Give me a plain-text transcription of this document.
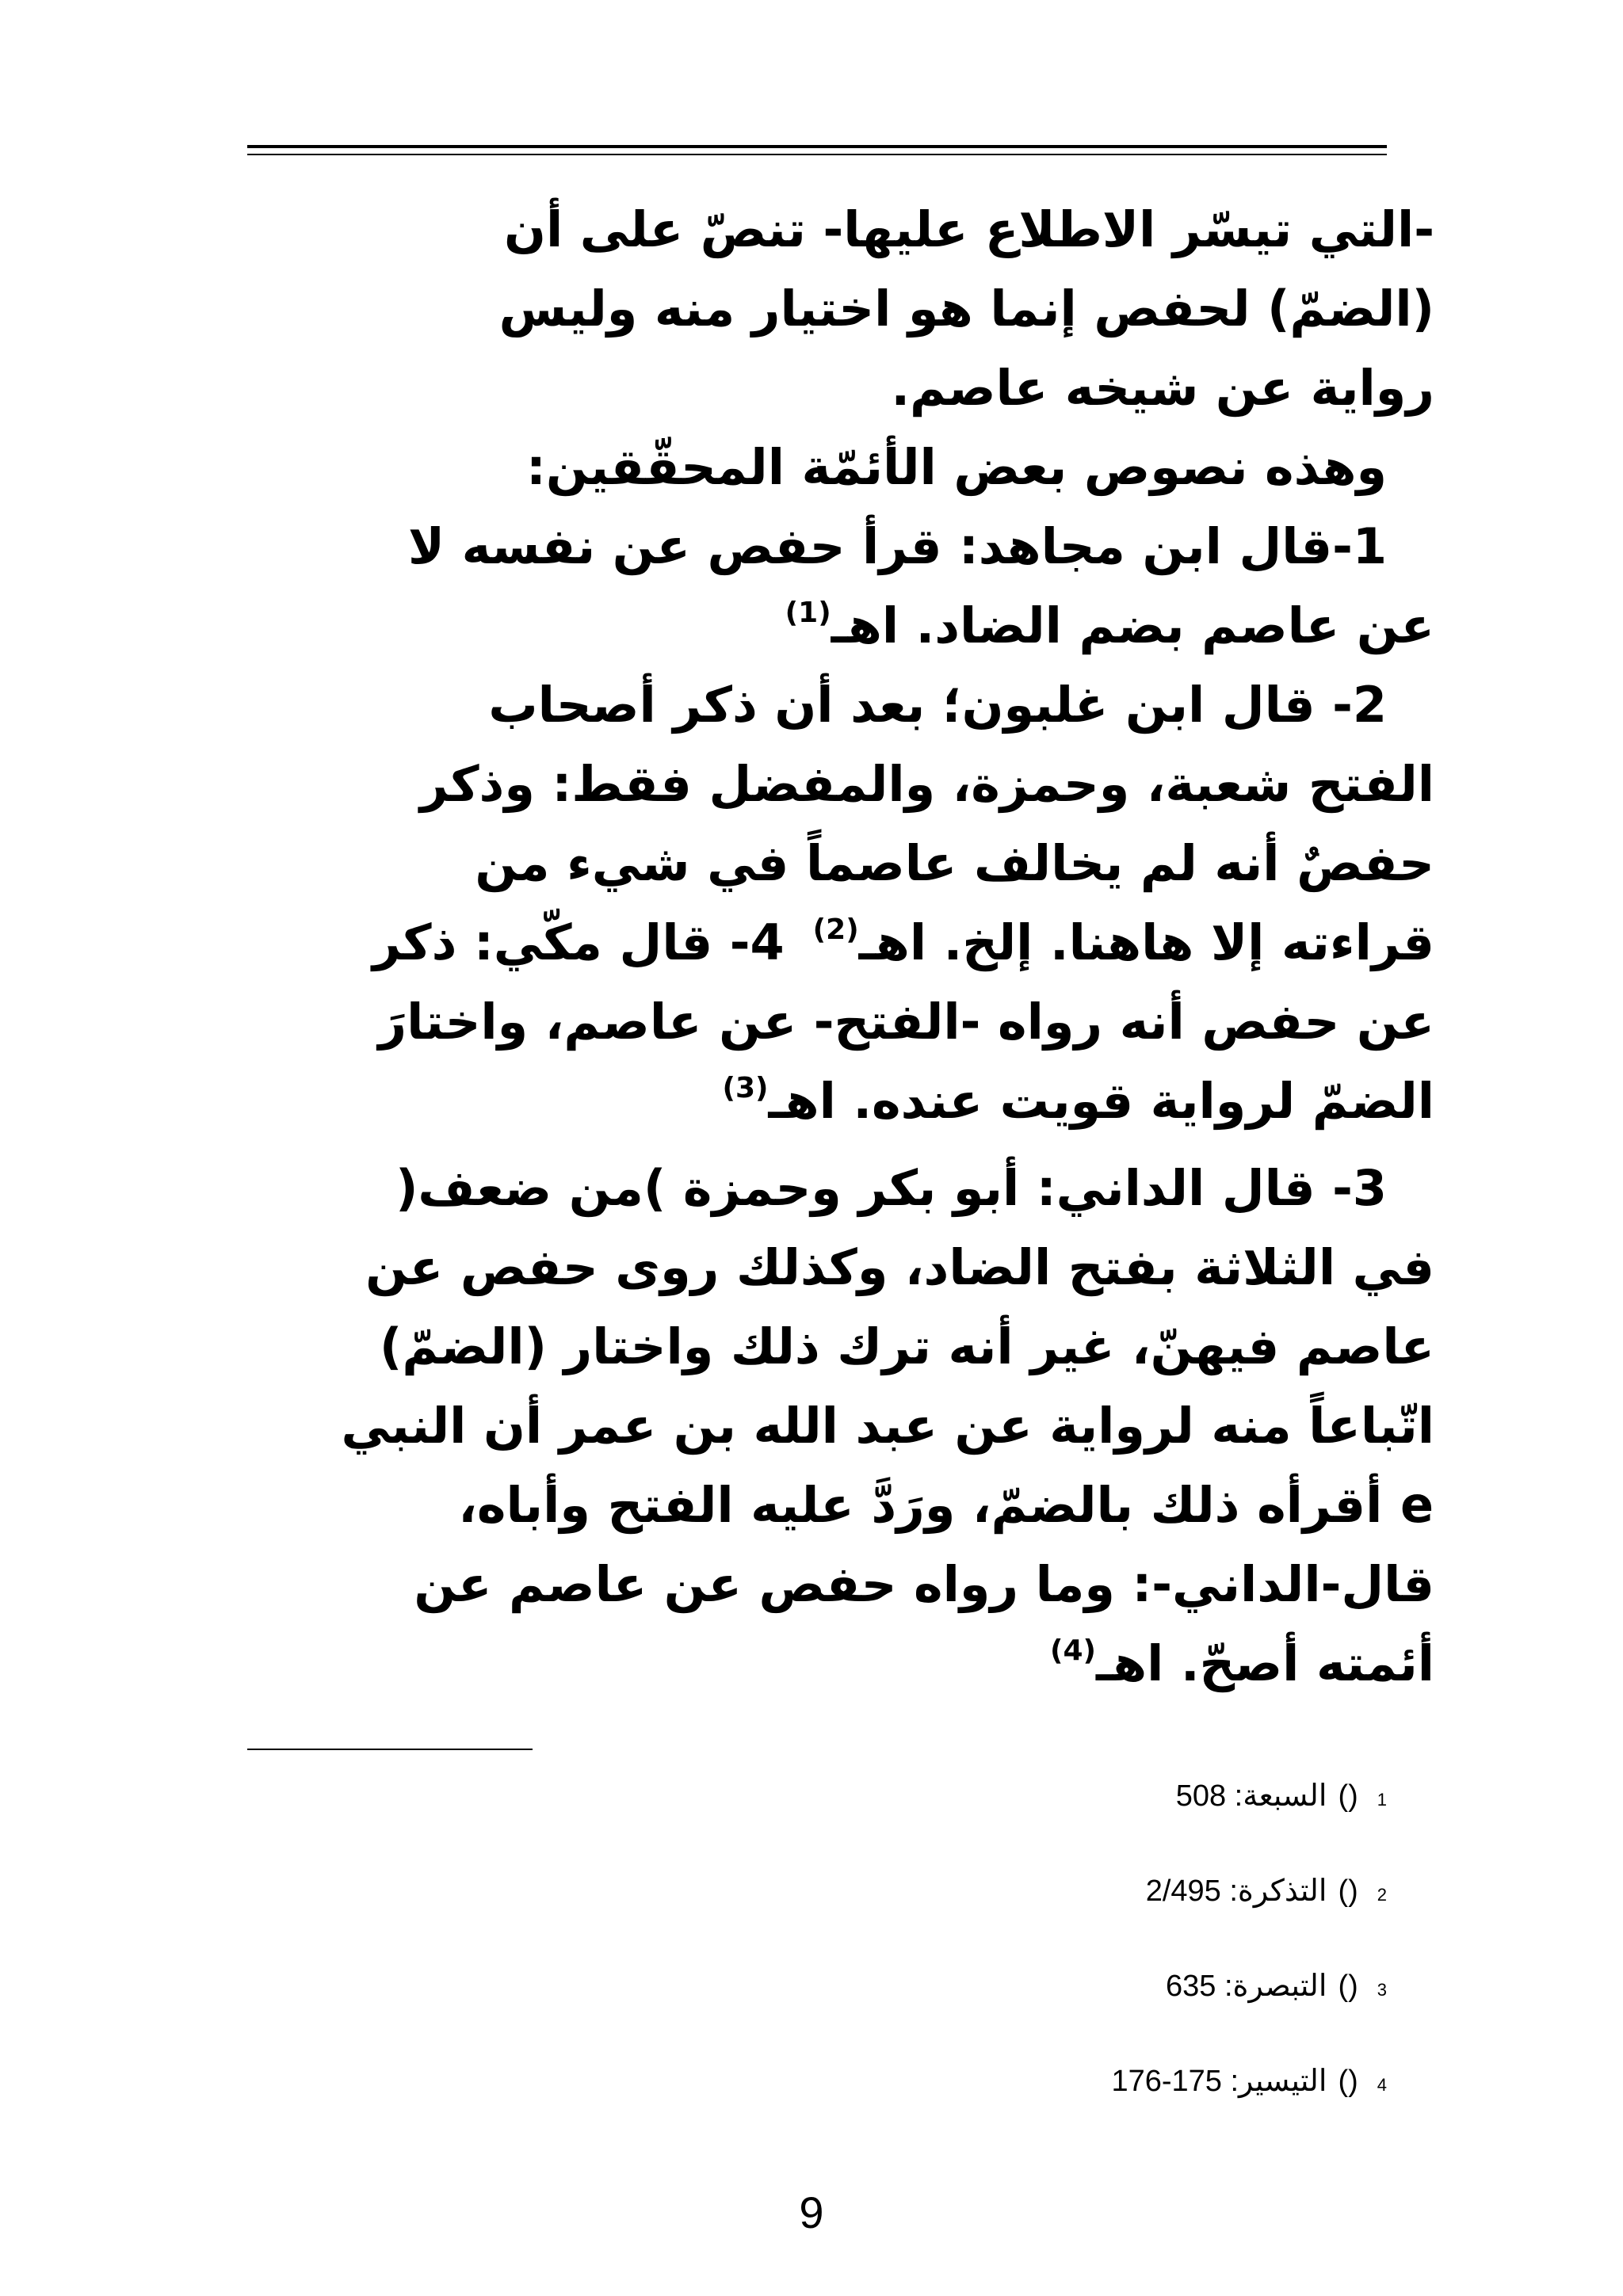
-التي تيسّر الاطلاع عليها- تنصّ على أن
(الضمّ) لحفص إنما هو اختيار منه وليس
رواية عن شيخه عاصم.
وهذه نصوص بعض الأئمّة المحقّقين:
1-قال ابن مجاهد: قرأ حفص عن نفسه لا
عن عاصم بضم الضاد. اهـ$^{(1)}$
2- قال ابن غلبون؛ بعد أن ذكر أصحاب
الفتح شعبة، وحمزة، والمفضل فقط: وذكر
حفصٌ أنه لم يخالف عاصماً في شيء من
قراءته إلا هاهنا. إلخ. اهـ$^{(2)}$4- قال مكّي: ذكر
عن حفص أنه رواه -الفتح- عن عاصم، واختارَ
الضمّ لرواية قويت عنده. اهـ$^{(3)}$
3- قال الداني: أبو بكر وحمزة )من ضعف(
في الثلاثة بفتح الضاد، وكذلك روى حفص عن
عاصم فيهنّ، غير أنه ترك ذلك واختار (الضمّ)
اتّباعاً منه لرواية عن عبد الله بن عمر أن النبي
e أقرأه ذلك بالضمّ، ورَدَّ عليه الفتح وأباه،
قال-الداني-: وما رواه حفص عن عاصم عن
أئمته أصحّ. اهـ$^{(4)}$
1()السبعة: 508
2()التذكرة: 2/495
3()التبصرة: 635
4()التيسير: 175-176
9
